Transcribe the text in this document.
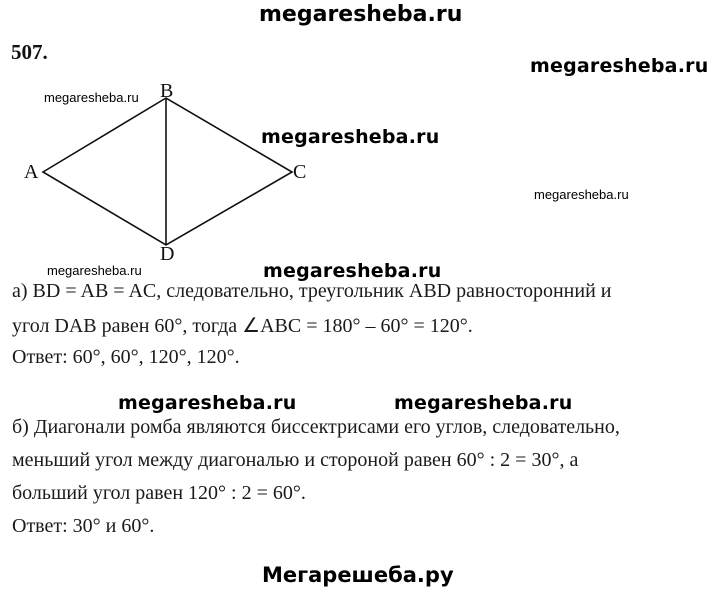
megaresheba.ru
507.
megaresheba.ru
B
A	C
D
megaresheba.ru
megaresheba.ru
megaresheba.ru
megaresheba.ru	megaresheba.ru
а) BD = AB = AC, следовательно, треугольник ABD равносторонний и
угол DAB равен 60°, тогда ∠ABC = 180° – 60° = 120°.
Ответ: 60°, 60°, 120°, 120°.
megaresheba.ru	megaresheba.ru
б) Диагонали ромба являются биссектрисами его углов, следовательно,
меньший угол между диагональю и стороной равен 60° : 2 = 30°, а
больший угол равен 120° : 2 = 60°.
Ответ: 30° и 60°.
Мегарешеба.ру
